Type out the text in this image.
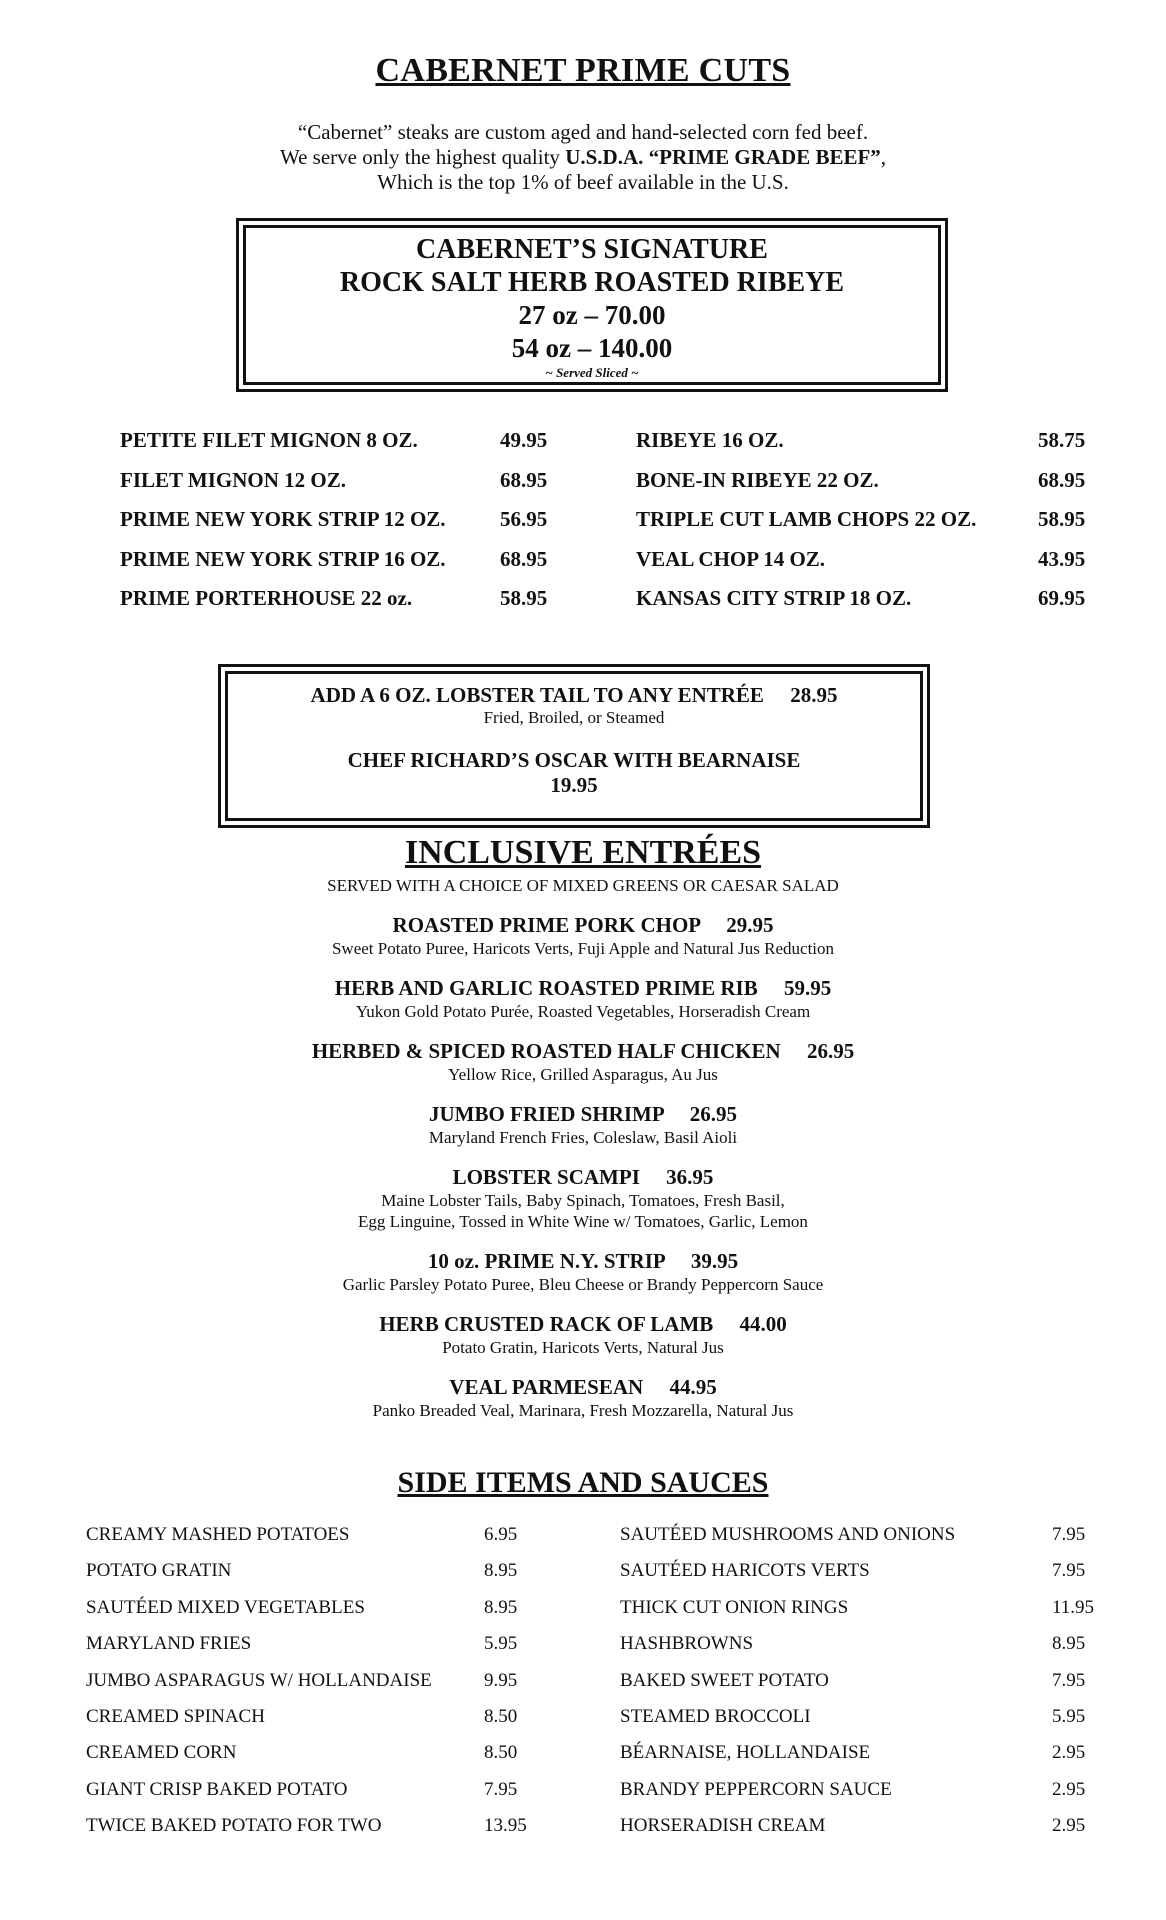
CABERNET PRIME CUTS
“Cabernet” steaks are custom aged and hand-selected corn fed beef.
We serve only the highest quality U.S.D.A. “PRIME GRADE BEEF”,
Which is the top 1% of beef available in the U.S.
CABERNET’S SIGNATURE
ROCK SALT HERB ROASTED RIBEYE
27 oz – 70.00
54 oz – 140.00
~ Served Sliced ~
PETITE FILET MIGNON 8 OZ.	49.95
FILET MIGNON 12 OZ.	68.95
PRIME NEW YORK STRIP 12 OZ.	56.95
PRIME NEW YORK STRIP 16 OZ.	68.95
PRIME PORTERHOUSE 22 oz.	58.95
RIBEYE 16 OZ.	58.75
BONE-IN RIBEYE 22 OZ.	68.95
TRIPLE CUT LAMB CHOPS 22 OZ.	58.95
VEAL CHOP 14 OZ.	43.95
KANSAS CITY STRIP 18 OZ.	69.95
ADD A 6 OZ. LOBSTER TAIL TO ANY ENTRÉE 28.95
Fried, Broiled, or Steamed
CHEF RICHARD’S OSCAR WITH BEARNAISE
19.95
INCLUSIVE ENTRÉES
SERVED WITH A CHOICE OF MIXED GREENS OR CAESAR SALAD
ROASTED PRIME PORK CHOP 29.95
Sweet Potato Puree, Haricots Verts, Fuji Apple and Natural Jus Reduction
HERB AND GARLIC ROASTED PRIME RIB 59.95
Yukon Gold Potato Purée, Roasted Vegetables, Horseradish Cream
HERBED & SPICED ROASTED HALF CHICKEN 26.95
Yellow Rice, Grilled Asparagus, Au Jus
JUMBO FRIED SHRIMP 26.95
Maryland French Fries, Coleslaw, Basil Aioli
LOBSTER SCAMPI 36.95
Maine Lobster Tails, Baby Spinach, Tomatoes, Fresh Basil,
Egg Linguine, Tossed in White Wine w/ Tomatoes, Garlic, Lemon
10 oz. PRIME N.Y. STRIP 39.95
Garlic Parsley Potato Puree, Bleu Cheese or Brandy Peppercorn Sauce
HERB CRUSTED RACK OF LAMB 44.00
Potato Gratin, Haricots Verts, Natural Jus
VEAL PARMESEAN 44.95
Panko Breaded Veal, Marinara, Fresh Mozzarella, Natural Jus
SIDE ITEMS AND SAUCES
CREAMY MASHED POTATOES	6.95
POTATO GRATIN	8.95
SAUTÉED MIXED VEGETABLES	8.95
MARYLAND FRIES	5.95
JUMBO ASPARAGUS W/ HOLLANDAISE	9.95
CREAMED SPINACH	8.50
CREAMED CORN	8.50
GIANT CRISP BAKED POTATO	7.95
TWICE BAKED POTATO FOR TWO	13.95
SAUTÉED MUSHROOMS AND ONIONS	7.95
SAUTÉED HARICOTS VERTS	7.95
THICK CUT ONION RINGS	11.95
HASHBROWNS	8.95
BAKED SWEET POTATO	7.95
STEAMED BROCCOLI	5.95
BÉARNAISE, HOLLANDAISE	2.95
BRANDY PEPPERCORN SAUCE	2.95
HORSERADISH CREAM	2.95
